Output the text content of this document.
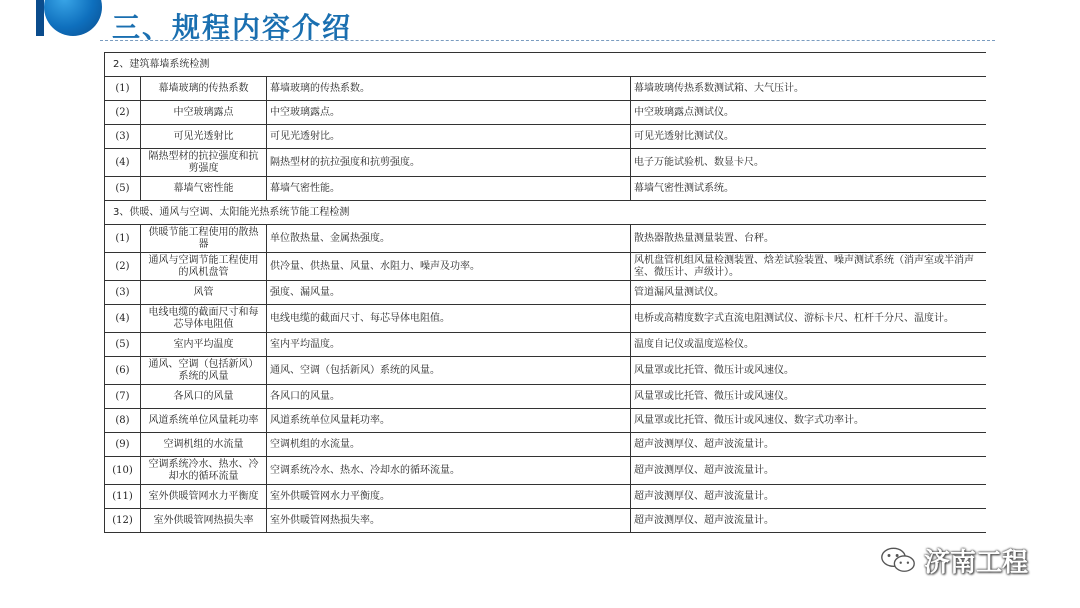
三、规程内容介绍
2、建筑幕墙系统检测			
(1)	幕墙玻璃的传热系数	幕墙玻璃的传热系数。	幕墙玻璃传热系数测试箱、大气压计。
(2)	中空玻璃露点	中空玻璃露点。	中空玻璃露点测试仪。
(3)	可见光透射比	可见光透射比。	可见光透射比测试仪。
(4)	隔热型材的抗拉强度和抗剪强度	隔热型材的抗拉强度和抗剪强度。	电子万能试验机、数显卡尺。
(5)	幕墙气密性能	幕墙气密性能。	幕墙气密性测试系统。
3、供暖、通风与空调、太阳能光热系统节能工程检测			
(1)	供暖节能工程使用的散热器	单位散热量、金属热强度。	散热器散热量测量装置、台秤。
(2)	通风与空调节能工程使用的风机盘管	供冷量、供热量、风量、水阻力、噪声及功率。	风机盘管机组风量检测装置、焓差试验装置、噪声测试系统（消声室或半消声室、微压计、声级计）。
(3)	风管	强度、漏风量。	管道漏风量测试仪。
(4)	电线电缆的截面尺寸和每芯导体电阻值	电线电缆的截面尺寸、每芯导体电阻值。	电桥或高精度数字式直流电阻测试仪、游标卡尺、杠杆千分尺、温度计。
(5)	室内平均温度	室内平均温度。	温度自记仪或温度巡检仪。
(6)	通风、空调（包括新风）系统的风量	通风、空调（包括新风）系统的风量。	风量罩或比托管、微压计或风速仪。
(7)	各风口的风量	各风口的风量。	风量罩或比托管、微压计或风速仪。
(8)	风道系统单位风量耗功率	风道系统单位风量耗功率。	风量罩或比托管、微压计或风速仪、数字式功率计。
(9)	空调机组的水流量	空调机组的水流量。	超声波测厚仪、超声波流量计。
(10)	空调系统冷水、热水、冷却水的循环流量	空调系统冷水、热水、冷却水的循环流量。	超声波测厚仪、超声波流量计。
(11)	室外供暖管网水力平衡度	室外供暖管网水力平衡度。	超声波测厚仪、超声波流量计。
(12)	室外供暖管网热损失率	室外供暖管网热损失率。	超声波测厚仪、超声波流量计。
济南工程
